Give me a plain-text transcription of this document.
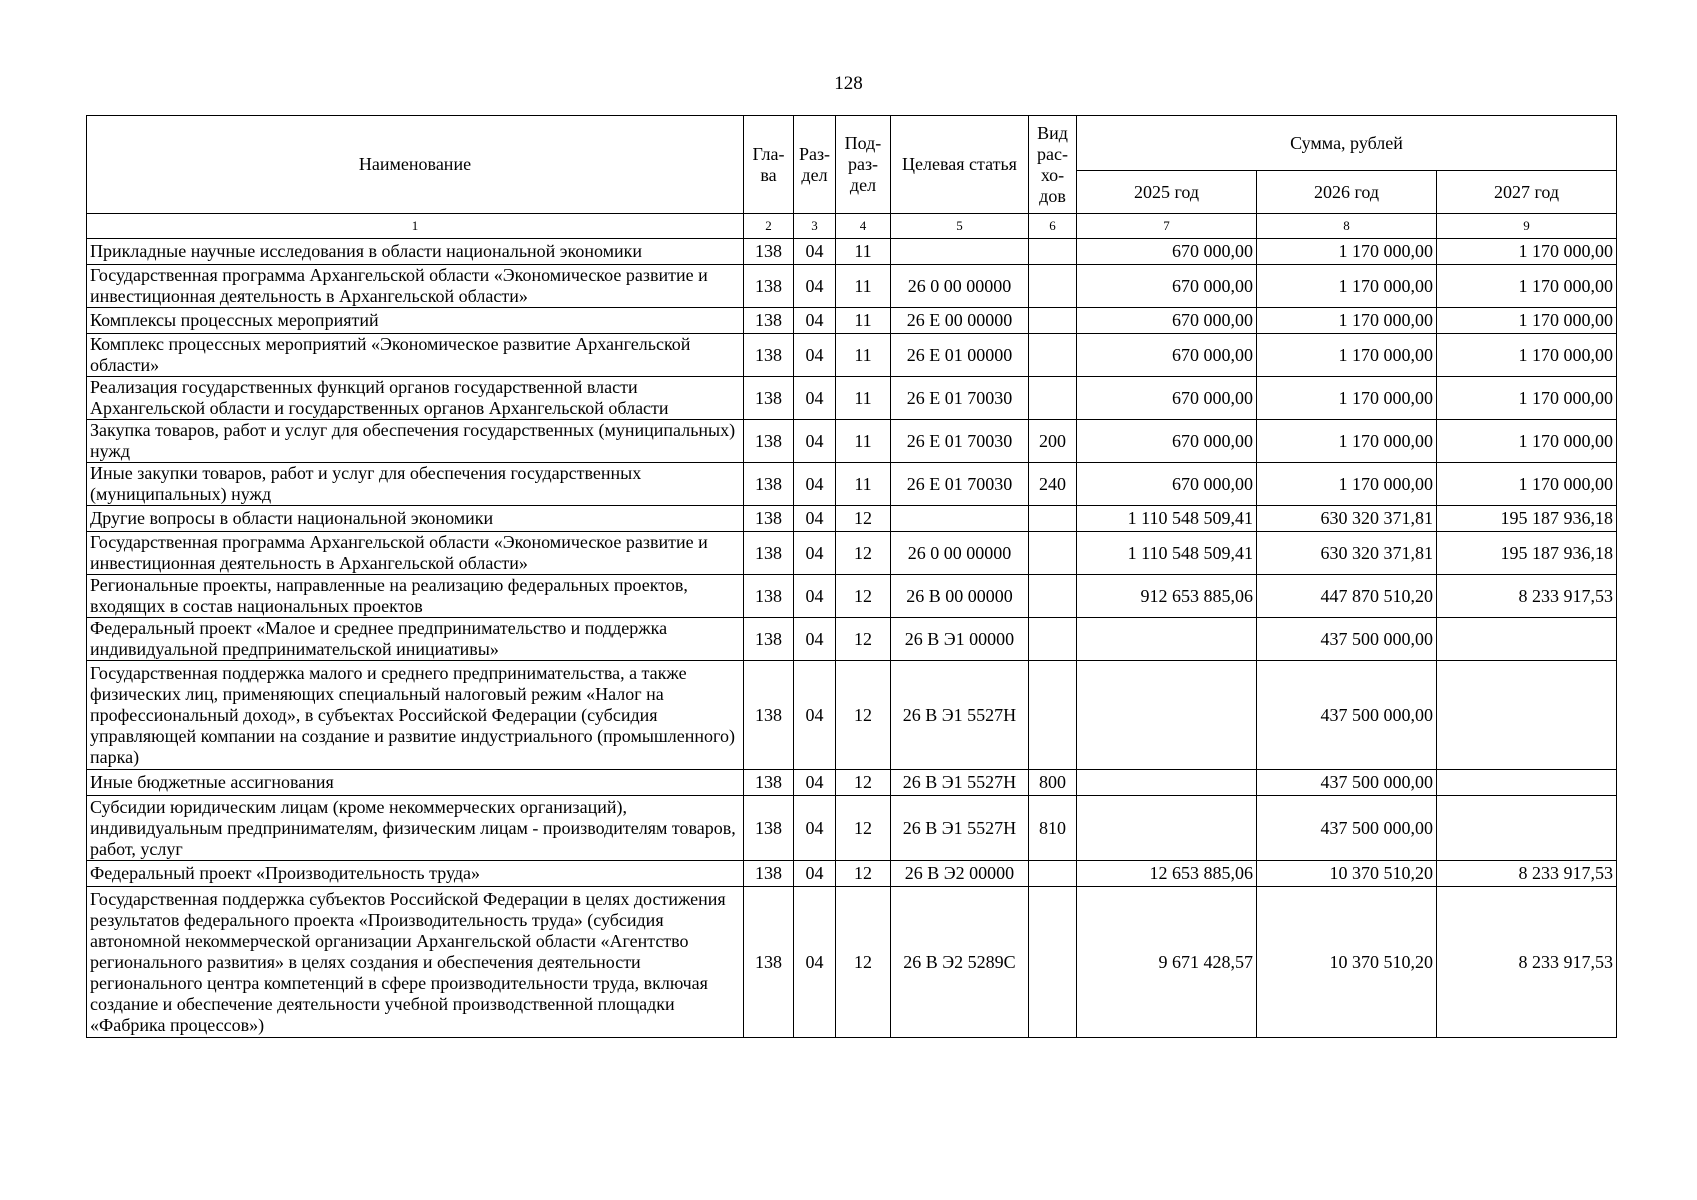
128
Наименование	Гла-ва	Раз-дел	Под-раз-дел	Целевая статья	Вид рас-хо-дов	Сумма, рублей		
						2025 год	2026 год	2027 год
1	2	3	4	5	6	7	8	9
Прикладные научные исследования в области национальной экономики	138	04	11			670 000,00	1 170 000,00	1 170 000,00
Государственная программа Архангельской области «Экономическое развитие и инвестиционная деятельность в Архангельской области»	138	04	11	26 0 00 00000		670 000,00	1 170 000,00	1 170 000,00
Комплексы процессных мероприятий	138	04	11	26 Е 00 00000		670 000,00	1 170 000,00	1 170 000,00
Комплекс процессных мероприятий «Экономическое развитие Архангельской области»	138	04	11	26 Е 01 00000		670 000,00	1 170 000,00	1 170 000,00
Реализация государственных функций органов государственной власти Архангельской области и государственных органов Архангельской области	138	04	11	26 Е 01 70030		670 000,00	1 170 000,00	1 170 000,00
Закупка товаров, работ и услуг для обеспечения государственных (муниципальных) нужд	138	04	11	26 Е 01 70030	200	670 000,00	1 170 000,00	1 170 000,00
Иные закупки товаров, работ и услуг для обеспечения государственных (муниципальных) нужд	138	04	11	26 Е 01 70030	240	670 000,00	1 170 000,00	1 170 000,00
Другие вопросы в области национальной экономики	138	04	12			1 110 548 509,41	630 320 371,81	195 187 936,18
Государственная программа Архангельской области «Экономическое развитие и инвестиционная деятельность в Архангельской области»	138	04	12	26 0 00 00000		1 110 548 509,41	630 320 371,81	195 187 936,18
Региональные проекты, направленные на реализацию федеральных проектов, входящих в состав национальных проектов	138	04	12	26 В 00 00000		912 653 885,06	447 870 510,20	8 233 917,53
Федеральный проект «Малое и среднее предпринимательство и поддержка индивидуальной предпринимательской инициативы»	138	04	12	26 В Э1 00000			437 500 000,00	
Государственная поддержка малого и среднего предпринимательства, а также физических лиц, применяющих специальный налоговый режим «Налог на профессиональный доход», в субъектах Российской Федерации (субсидия управляющей компании на создание и развитие индустриального (промышленного) парка)	138	04	12	26 В Э1 5527Н			437 500 000,00	
Иные бюджетные ассигнования	138	04	12	26 В Э1 5527Н	800		437 500 000,00	
Субсидии юридическим лицам (кроме некоммерческих организаций), индивидуальным предпринимателям, физическим лицам - производителям товаров, работ, услуг	138	04	12	26 В Э1 5527Н	810		437 500 000,00	
Федеральный проект «Производительность труда»	138	04	12	26 В Э2 00000		12 653 885,06	10 370 510,20	8 233 917,53
Государственная поддержка субъектов Российской Федерации в целях достижения результатов федерального проекта «Производительность труда» (субсидия автономной некоммерческой организации Архангельской области «Агентство регионального развития» в целях создания и обеспечения деятельности регионального центра компетенций в сфере производительности труда, включая создание и обеспечение деятельности учебной производственной площадки «Фабрика процессов»)	138	04	12	26 В Э2 5289С		9 671 428,57	10 370 510,20	8 233 917,53
